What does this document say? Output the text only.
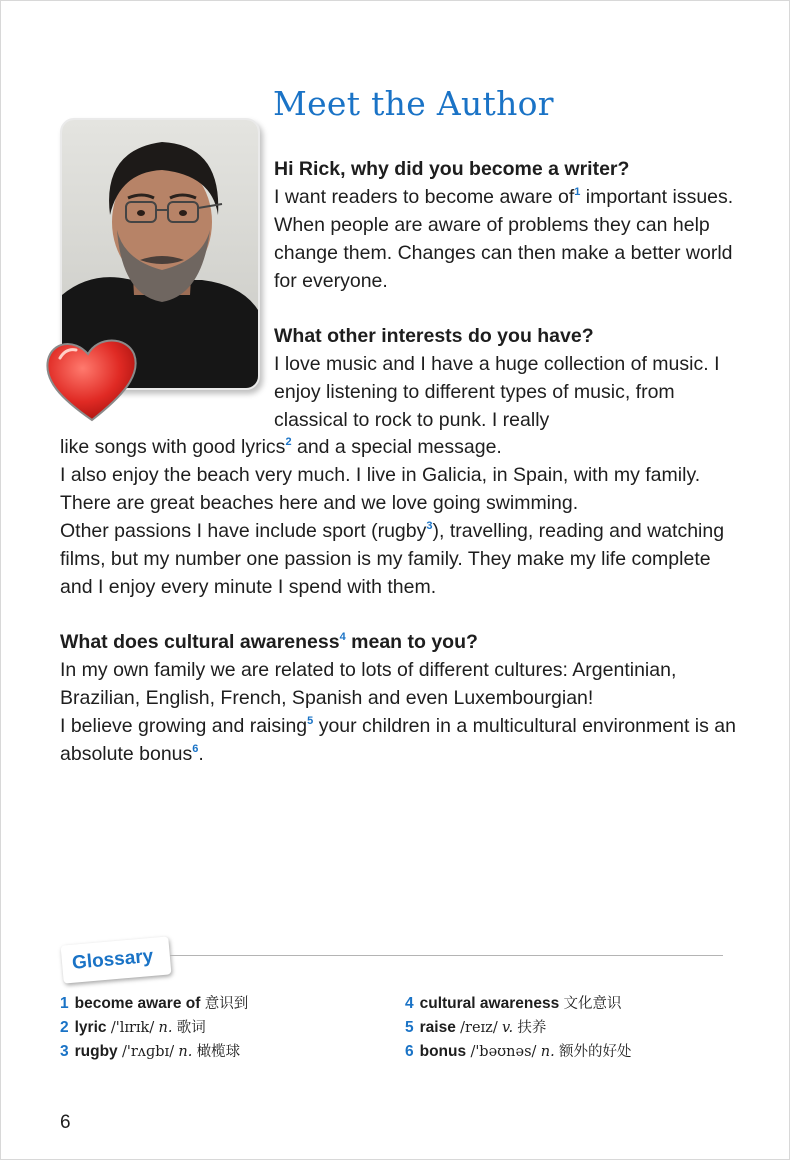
Meet the Author

Hi Rick, why did you become a writer?

I want readers to become aware of$^1$ important issues. When people are aware of problems they can help change them. Changes can then make a better world for everyone.

What other interests do you have?

I love music and I have a huge collection of music. I enjoy listening to different types of music, from classical to rock to punk. I really

like songs with good lyrics$^2$ and a special message.

I also enjoy the beach very much. I live in Galicia, in Spain, with my family. There are great beaches here and we love going swimming.

Other passions I have include sport (rugby$^3$), travelling, reading and watching films, but my number one passion is my family. They make my life complete and I enjoy every minute I spend with them.

What does cultural awareness$^4$ mean to you?

In my own family we are related to lots of different cultures: Argentinian, Brazilian, English, French, Spanish and even Luxembourgian!

I believe growing and raising$^5$ your children in a multicultural environment is an absolute bonus$^6$.

Glossary
1 become aware of 意识到
2 lyric /'lɪrɪk/ n. 歌词
3 rugby /'rʌɡbɪ/ n. 橄榄球
4 cultural awareness 文化意识
5 raise /reɪz/ v. 扶养
6 bonus /'bəʊnəs/ n. 额外的好处
6
